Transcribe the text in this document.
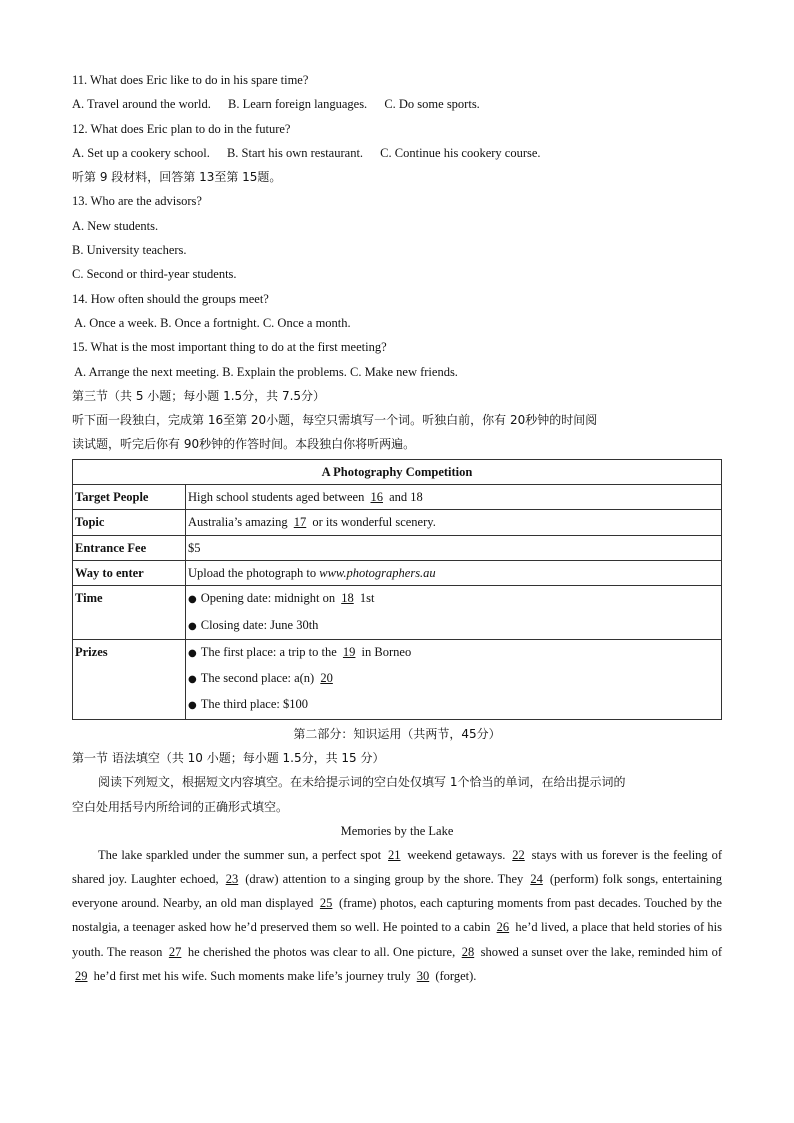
11. What does Eric like to do in his spare time?
A. Travel around the world. B. Learn foreign languages. C. Do some sports.
12. What does Eric plan to do in the future?
A. Set up a cookery school. B. Start his own restaurant. C. Continue his cookery course.
听第 9 段材料，回答第 13至第 15题。
13. Who are the advisors?
A. New students.
B. University teachers.
C. Second or third-year students.
14. How often should the groups meet?
A. Once a week. B. Once a fortnight. C. Once a month.
15. What is the most important thing to do at the first meeting?
A. Arrange the next meeting. B. Explain the problems. C. Make new friends.
第三节（共 5 小题；每小题 1.5分，共 7.5分）
听下面一段独白，完成第 16至第 20小题，每空只需填写一个词。听独白前，你有 20秒钟的时间阅
读试题，听完后你有 90秒钟的作答时间。本段独白你将听两遍。
A Photography Competition	
Target People	High school students aged between 16 and 18
Topic	Australia’s amazing 17 or its wonderful scenery.
Entrance Fee	$5
Way to enter	Upload the photograph to www.photographers.au
Time	● Opening date: midnight on 18 1st
● Closing date: June 30th

Prizes	● The first place: a trip to the 19 in Borneo
● The second place: a(n) 20
● The third place: $100
第二部分：知识运用（共两节，45分）
第一节 语法填空（共 10 小题；每小题 1.5分，共 15 分）
阅读下列短文，根据短文内容填空。在未给提示词的空白处仅填写 1个恰当的单词，在给出提示词的
空白处用括号内所给词的正确形式填空。
Memories by the Lake
The lake sparkled under the summer sun, a perfect spot 21 weekend getaways. 22 stays with us forever is the feeling of shared joy. Laughter echoed, 23 (draw) attention to a singing group by the shore. They 24 (perform) folk songs, entertaining everyone around. Nearby, an old man displayed 25 (frame) photos, each capturing moments from past decades. Touched by the nostalgia, a teenager asked how he’d preserved them so well. He pointed to a cabin 26 he’d lived, a place that held stories of his youth. The reason 27 he cherished the photos was clear to all. One picture, 28 showed a sunset over the lake, reminded him of 29 he’d first met his wife. Such moments make life’s journey truly 30 (forget).
